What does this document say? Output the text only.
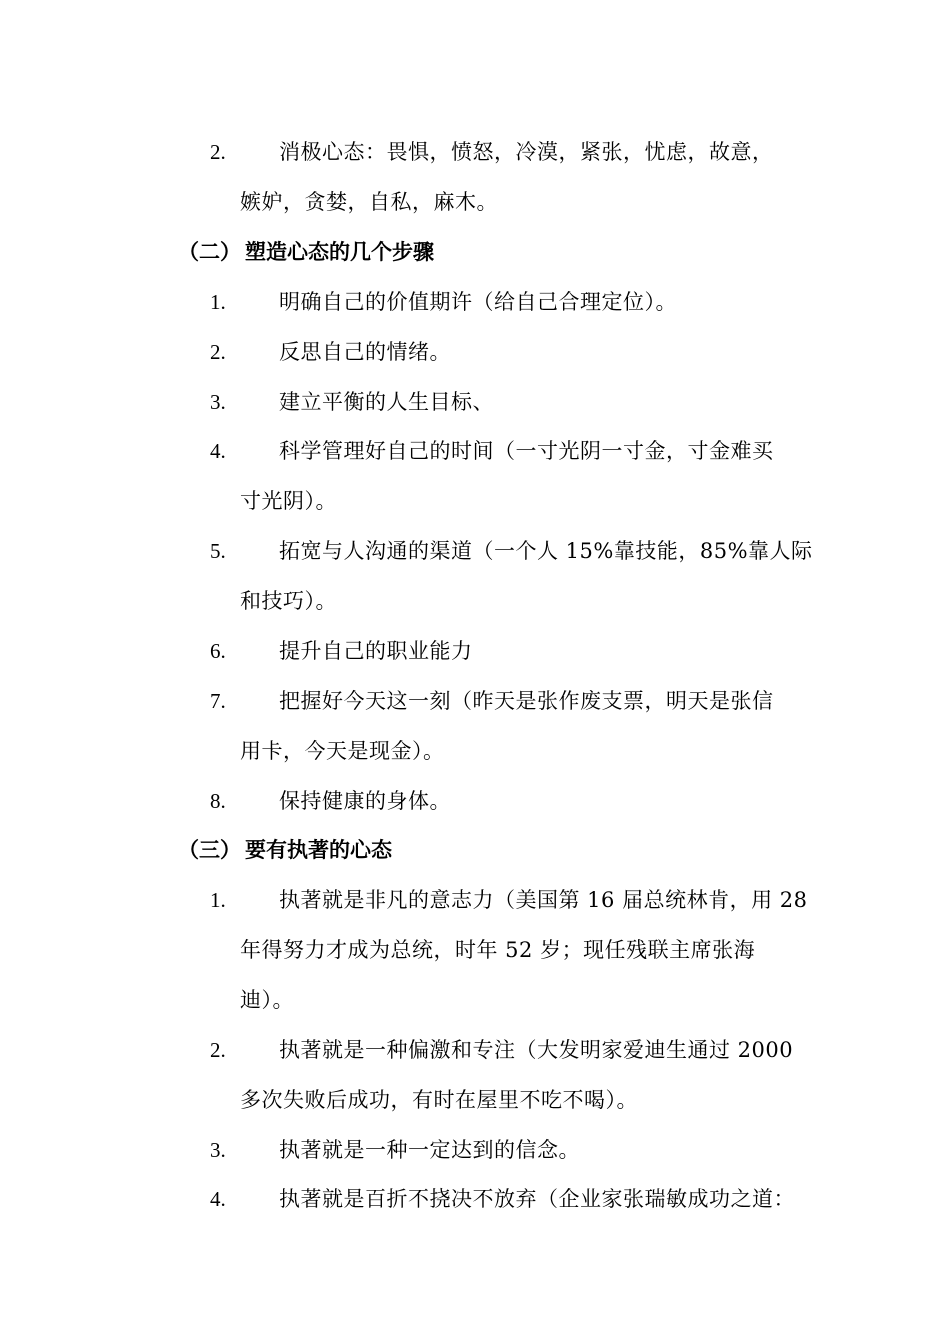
2.	消极心态：畏惧，愤怒，冷漠，紧张，忧虑，故意，
嫉妒，贪婪，自私，麻木。
（二） 塑造心态的几个步骤
1.	明确自己的价值期许（给自己合理定位）。
2.	反思自己的情绪。
3.	建立平衡的人生目标、
4.	科学管理好自己的时间（一寸光阴一寸金，寸金难买
寸光阴）。
5.	拓宽与人沟通的渠道（一个人 15%靠技能，85%靠人际
和技巧）。
6.	提升自己的职业能力
7.	把握好今天这一刻（昨天是张作废支票，明天是张信
用卡，今天是现金）。
8.	保持健康的身体。
（三） 要有执著的心态
1.	执著就是非凡的意志力（美国第 16 届总统林肯，用 28
年得努力才成为总统，时年 52 岁；现任残联主席张海
迪）。
2.	执著就是一种偏激和专注（大发明家爱迪生通过 2000
多次失败后成功，有时在屋里不吃不喝）。
3.	执著就是一种一定达到的信念。
4.	执著就是百折不挠决不放弃（企业家张瑞敏成功之道：
